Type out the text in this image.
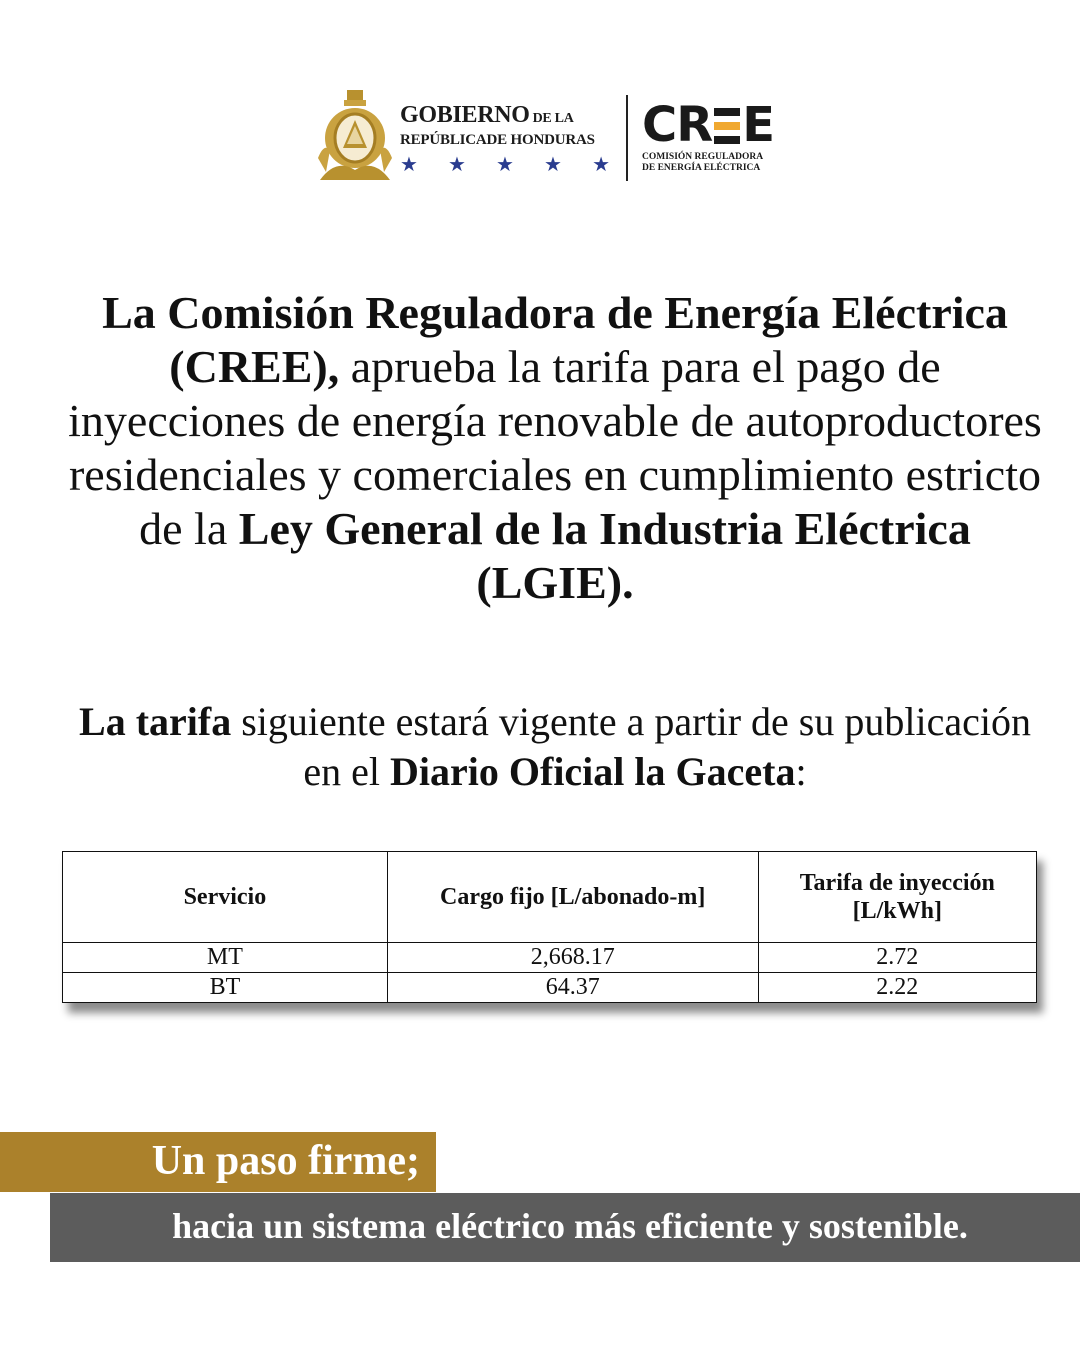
GOBIERNO DE LA
REPÚBLICADE HONDURAS
★ ★ ★ ★ ★
C R E
COMISIÓN REGULADORA
DE ENERGÍA ELÉCTRICA
La Comisión Reguladora de Energía Eléctrica (CREE), aprueba la tarifa para el pago de inyecciones de energía renovable de autoproductores residenciales y comerciales en cumplimiento estricto de la Ley General de la Industria Eléctrica (LGIE).
La tarifa siguiente estará vigente a partir de su publicación en el Diario Oficial la Gaceta:
Servicio	Cargo fijo [L/abonado-m]	Tarifa de inyección [L/kWh]
MT	2,668.17	2.72
BT	64.37	2.22
Un paso firme;
hacia un sistema eléctrico más eficiente y sostenible.
